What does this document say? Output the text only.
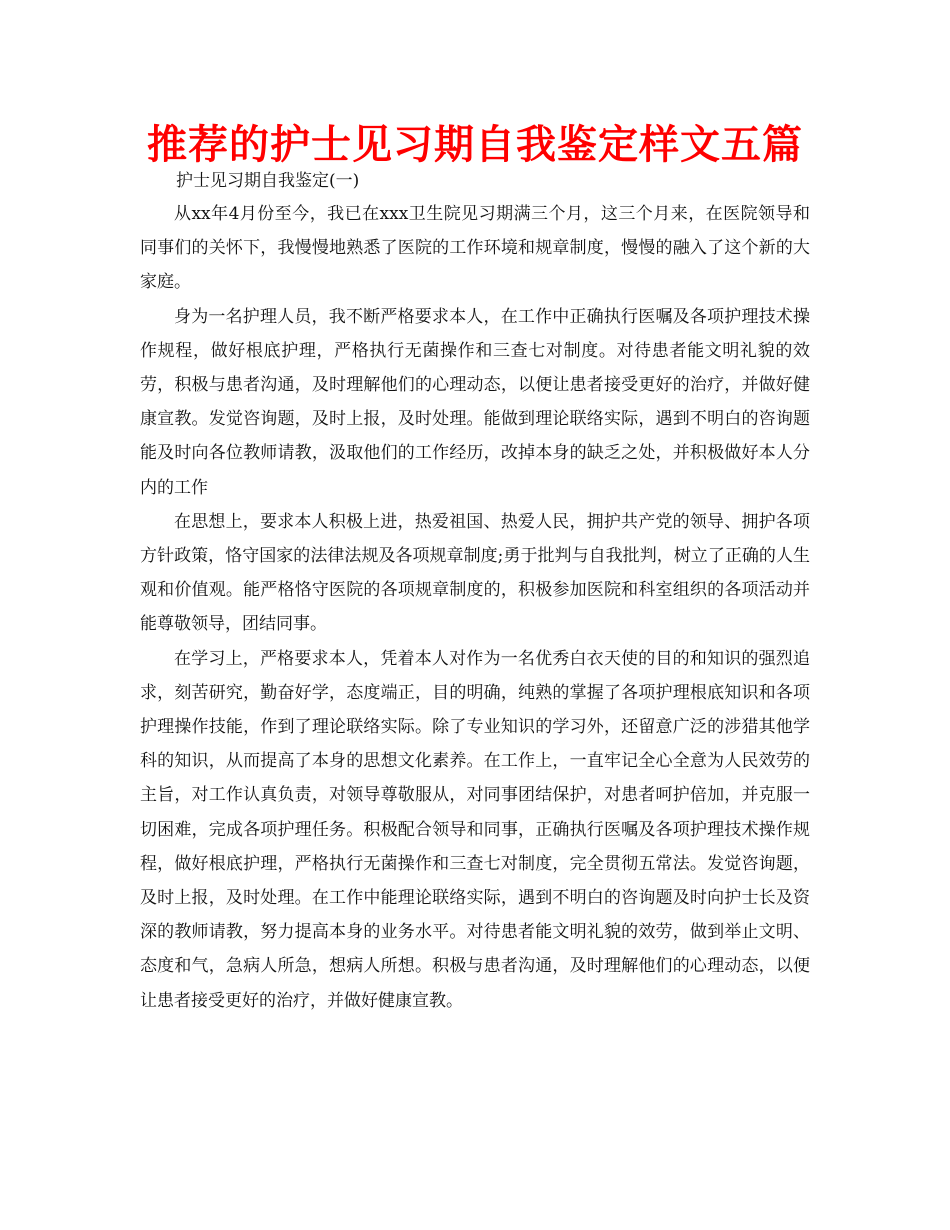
推荐的护士见习期自我鉴定样文五篇

护士见习期自我鉴定(一)

从xx年4月份至今，我已在xxx卫生院见习期满三个月，这三个月来，在医院领导和同事们的关怀下，我慢慢地熟悉了医院的工作环境和规章制度，慢慢的融入了这个新的大家庭。

身为一名护理人员，我不断严格要求本人，在工作中正确执行医嘱及各项护理技术操作规程，做好根底护理，严格执行无菌操作和三查七对制度。对待患者能文明礼貌的效劳，积极与患者沟通，及时理解他们的心理动态，以便让患者接受更好的治疗，并做好健康宣教。发觉咨询题，及时上报，及时处理。能做到理论联络实际，遇到不明白的咨询题能及时向各位教师请教，汲取他们的工作经历，改掉本身的缺乏之处，并积极做好本人分内的工作

在思想上，要求本人积极上进，热爱祖国、热爱人民，拥护共产党的领导、拥护各项方针政策，恪守国家的法律法规及各项规章制度;勇于批判与自我批判，树立了正确的人生观和价值观。能严格恪守医院的各项规章制度的，积极参加医院和科室组织的各项活动并能尊敬领导，团结同事。

在学习上，严格要求本人，凭着本人对作为一名优秀白衣天使的目的和知识的强烈追求，刻苦研究，勤奋好学，态度端正，目的明确，纯熟的掌握了各项护理根底知识和各项护理操作技能，作到了理论联络实际。除了专业知识的学习外，还留意广泛的涉猎其他学科的知识，从而提高了本身的思想文化素养。在工作上，一直牢记全心全意为人民效劳的主旨，对工作认真负责，对领导尊敬服从，对同事团结保护，对患者呵护倍加，并克服一切困难，完成各项护理任务。积极配合领导和同事，正确执行医嘱及各项护理技术操作规程，做好根底护理，严格执行无菌操作和三查七对制度，完全贯彻五常法。发觉咨询题，及时上报，及时处理。在工作中能理论联络实际，遇到不明白的咨询题及时向护士长及资深的教师请教，努力提高本身的业务水平。对待患者能文明礼貌的效劳，做到举止文明、态度和气，急病人所急，想病人所想。积极与患者沟通，及时理解他们的心理动态，以便让患者接受更好的治疗，并做好健康宣教。
